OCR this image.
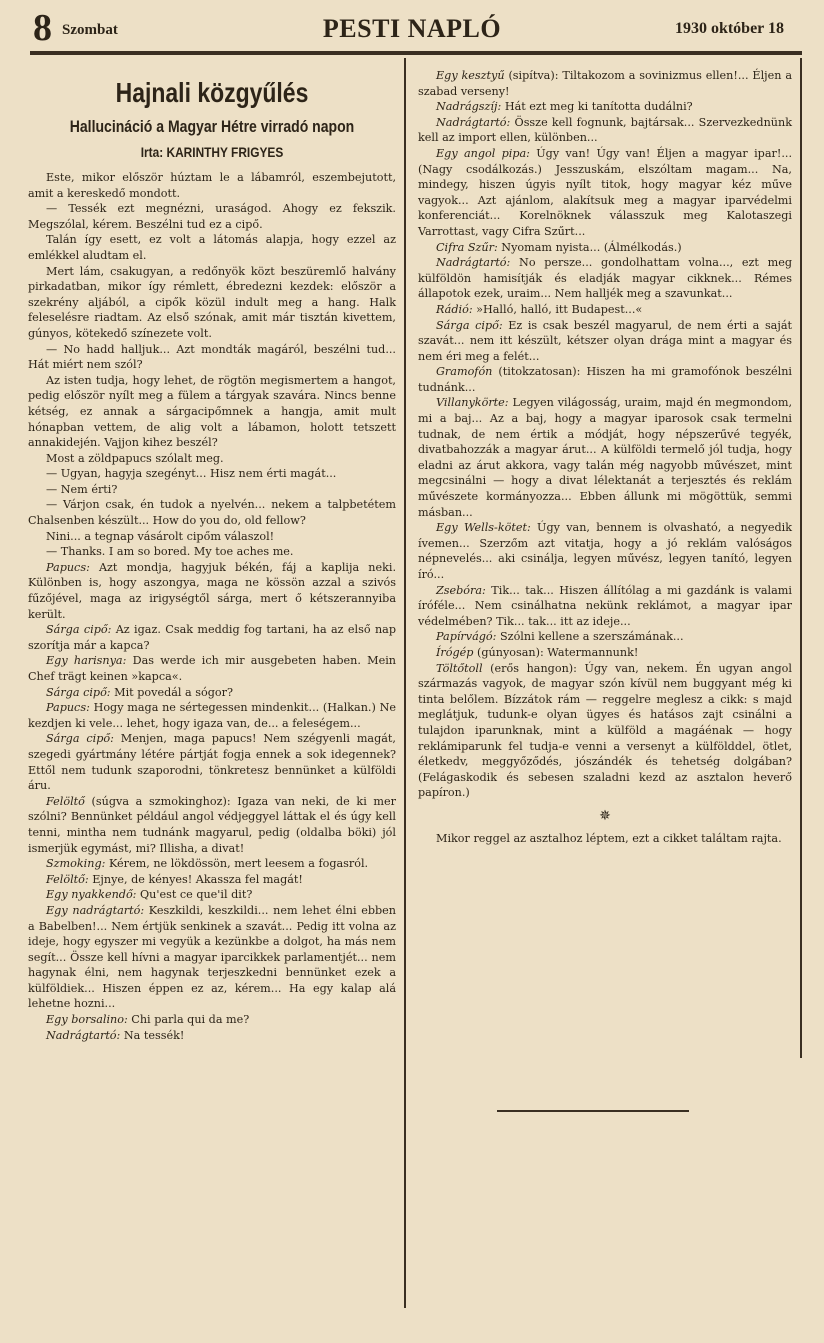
8 Szombat	PESTI NAPLÓ	1930 október 18
Hajnali közgyűlés
Hallucináció a Magyar Hétre virradó napon
Irta: KARINTHY FRIGYES

Este, mikor először húztam le a lábamról, eszembejutott, amit a kereskedő mondott.

— Tessék ezt megnézni, uraságod. Ahogy ez fekszik. Megszólal, kérem. Beszélni tud ez a cipő.

Talán így esett, ez volt a látomás alapja, hogy ezzel az emlékkel aludtam el.

Mert lám, csakugyan, a redőnyök közt beszüremlő halvány pirkadatban, mikor így rémlett, ébredezni kezdek: először a szekrény aljából, a cipők közül indult meg a hang. Halk feleselésre riadtam. Az első szónak, amit már tisztán kivettem, gúnyos, kötekedő színezete volt.

— No hadd halljuk... Azt mondták magáról, beszélni tud... Hát miért nem szól?

Az isten tudja, hogy lehet, de rögtön megismertem a hangot, pedig először nyílt meg a fülem a tárgyak szavára. Nincs benne kétség, ez annak a sárgacipőmnek a hangja, amit mult hónapban vettem, de alig volt a lábamon, holott tetszett annakidején. Vajjon kihez beszél?

Most a zöldpapucs szólalt meg.

— Ugyan, hagyja szegényt... Hisz nem érti magát...

— Nem érti?

— Várjon csak, én tudok a nyelvén... nekem a talpbetétem Chalsenben készült... How do you do, old fellow?

Nini... a tegnap vásárolt cipőm válaszol!

— Thanks. I am so bored. My toe aches me.

Papucs: Azt mondja, hagyjuk békén, fáj a kaplija neki. Különben is, hogy aszongya, maga ne kössön azzal a szivós fűzőjével, maga az irigységtől sárga, mert ő kétszerannyiba került.

Sárga cipő: Az igaz. Csak meddig fog tartani, ha az első nap szorítja már a kapca?

Egy harisnya: Das werde ich mir ausgebeten haben. Mein Chef trägt keinen »kapca«.

Sárga cipő: Mit povedál a sógor?

Papucs: Hogy maga ne sértegessen mindenkit... (Halkan.) Ne kezdjen ki vele... lehet, hogy igaza van, de... a feleségem...

Sárga cipő: Menjen, maga papucs! Nem szégyenli magát, szegedi gyártmány létére pártját fogja ennek a sok idegennek? Ettől nem tudunk szaporodni, tönkretesz bennünket a külföldi áru.

Felöltő (súgva a szmokinghoz): Igaza van neki, de ki mer szólni? Bennünket például angol védjeggyel láttak el és úgy kell tenni, mintha nem tudnánk magyarul, pedig (oldalba böki) jól ismerjük egymást, mi? Illisha, a divat!

Szmoking: Kérem, ne lökdössön, mert leesem a fogasról.

Felöltő: Ejnye, de kényes! Akassza fel magát!

Egy nyakkendő: Qu'est ce que'il dit?

Egy nadrágtartó: Keszkildi, keszkildi... nem lehet élni ebben a Babelben!... Nem értjük senkinek a szavát... Pedig itt volna az ideje, hogy egyszer mi vegyük a kezünkbe a dolgot, ha más nem segít... Össze kell hívni a magyar iparcikkek parlamentjét... nem hagynak élni, nem hagynak terjeszkedni bennünket ezek a külföldiek... Hiszen éppen ez az, kérem... Ha egy kalap alá lehetne hozni...

Egy borsalino: Chi parla qui da me?

Nadrágtartó: Na tessék!

Egy kesztyű (sipítva): Tiltakozom a sovinizmus ellen!... Éljen a szabad verseny!

Nadrágszíj: Hát ezt meg ki tanította dudálni?

Nadrágtartó: Össze kell fognunk, bajtársak... Szervezkednünk kell az import ellen, különben...

Egy angol pipa: Úgy van! Úgy van! Éljen a magyar ipar!... (Nagy csodálkozás.) Jesszuskám, elszóltam magam... Na, mindegy, hiszen úgyis nyílt titok, hogy magyar kéz műve vagyok... Azt ajánlom, alakítsuk meg a magyar iparvédelmi konferenciát... Korelnöknek válasszuk meg Kalotaszegi Varrottast, vagy Cifra Szűrt...

Cifra Szűr: Nyomam nyista... (Álmélkodás.)

Nadrágtartó: No persze... gondolhattam volna..., ezt meg külföldön hamisítják és eladják magyar cikknek... Rémes állapotok ezek, uraim... Nem halljék meg a szavunkat...

Rádió: »Halló, halló, itt Budapest...«

Sárga cipő: Ez is csak beszél magyarul, de nem érti a saját szavát... nem itt készült, kétszer olyan drága mint a magyar és nem éri meg a felét...

Gramofón (titokzatosan): Hiszen ha mi gramofónok beszélni tudnánk...

Villanykörte: Legyen világosság, uraim, majd én megmondom, mi a baj... Az a baj, hogy a magyar iparosok csak termelni tudnak, de nem értik a módját, hogy népszerűvé tegyék, divatbahozzák a magyar árut... A külföldi termelő jól tudja, hogy eladni az árut akkora, vagy talán még nagyobb művészet, mint megcsinálni — hogy a divat lélektanát a terjesztés és reklám művészete kormányozza... Ebben állunk mi mögöttük, semmi másban...

Egy Wells-kötet: Úgy van, bennem is olvasható, a negyedik ívemen... Szerzőm azt vitatja, hogy a jó reklám valóságos népnevelés... aki csinálja, legyen művész, legyen tanító, legyen író...

Zsebóra: Tik... tak... Hiszen állítólag a mi gazdánk is valami íróféle... Nem csinálhatna nekünk reklámot, a magyar ipar védelmében? Tik... tak... itt az ideje...

Papírvágó: Szólni kellene a szerszámának...

Írógép (gúnyosan): Watermannunk!

Töltőtoll (erős hangon): Úgy van, nekem. Én ugyan angol származás vagyok, de magyar szón kívül nem buggyant még ki tinta belőlem. Bízzátok rám — reggelre meglesz a cikk: s majd meglátjuk, tudunk-e olyan ügyes és hatásos zajt csinálni a tulajdon iparunknak, mint a külföld a magáénak — hogy reklámiparunk fel tudja-e venni a versenyt a külfölddel, ötlet, életkedv, meggyőződés, jószándék és tehetség dolgában? (Felágaskodik és sebesen szaladni kezd az asztalon heverő papíron.)

✵

Mikor reggel az asztalhoz léptem, ezt a cikket találtam rajta.
